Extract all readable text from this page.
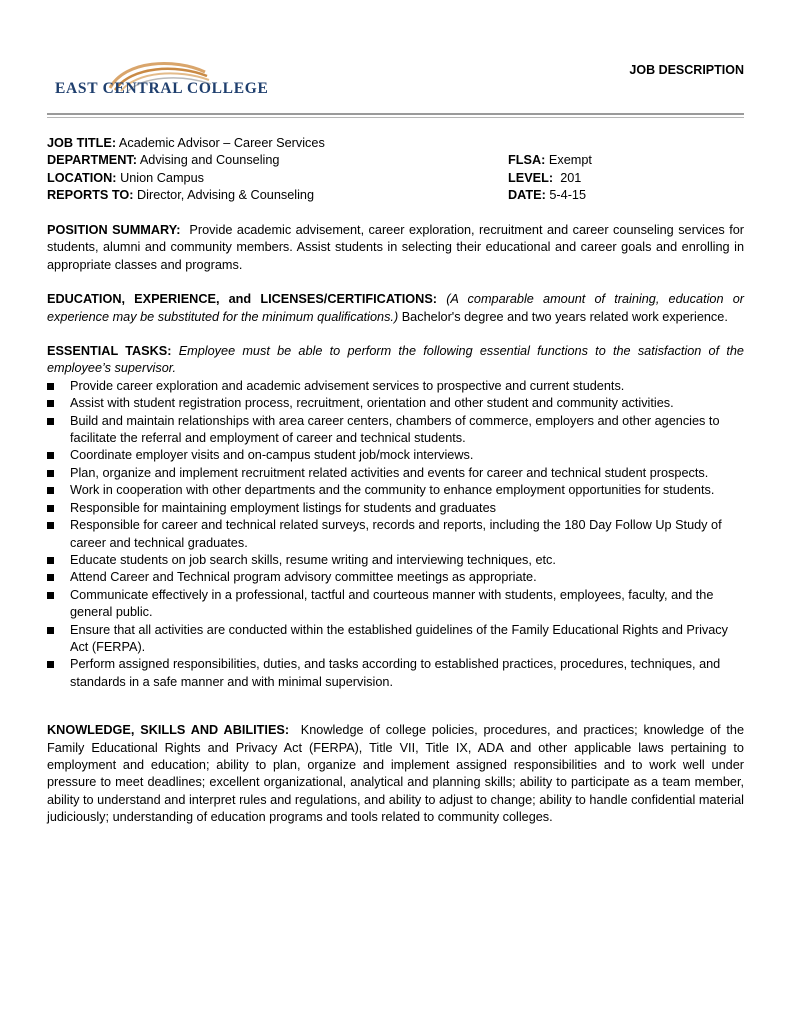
EAST CENTRAL COLLEGE
JOB DESCRIPTION
JOB TITLE: Academic Advisor – Career Services
DEPARTMENT: Advising and Counseling
LOCATION: Union Campus
REPORTS TO: Director, Advising & Counseling
FLSA: Exempt
LEVEL: 201
DATE: 5-4-15

POSITION SUMMARY: Provide academic advisement, career exploration, recruitment and career counseling services for students, alumni and community members. Assist students in selecting their educational and career goals and enrolling in appropriate classes and programs.

EDUCATION, EXPERIENCE, and LICENSES/CERTIFICATIONS: (A comparable amount of training, education or experience may be substituted for the minimum qualifications.) Bachelor's degree and two years related work experience.

ESSENTIAL TASKS: Employee must be able to perform the following essential functions to the satisfaction of the employee’s supervisor.

Provide career exploration and academic advisement services to prospective and current students.
Assist with student registration process, recruitment, orientation and other student and community activities.
Build and maintain relationships with area career centers, chambers of commerce, employers and other agencies to facilitate the referral and employment of career and technical students.
Coordinate employer visits and on-campus student job/mock interviews.
Plan, organize and implement recruitment related activities and events for career and technical student prospects.
Work in cooperation with other departments and the community to enhance employment opportunities for students.
Responsible for maintaining employment listings for students and graduates
Responsible for career and technical related surveys, records and reports, including the 180 Day Follow Up Study of career and technical graduates.
Educate students on job search skills, resume writing and interviewing techniques, etc.
Attend Career and Technical program advisory committee meetings as appropriate.
Communicate effectively in a professional, tactful and courteous manner with students, employees, faculty, and the general public.
Ensure that all activities are conducted within the established guidelines of the Family Educational Rights and Privacy Act (FERPA).
Perform assigned responsibilities, duties, and tasks according to established practices, procedures, techniques, and standards in a safe manner and with minimal supervision.

KNOWLEDGE, SKILLS AND ABILITIES: Knowledge of college policies, procedures, and practices; knowledge of the Family Educational Rights and Privacy Act (FERPA), Title VII, Title IX, ADA and other applicable laws pertaining to employment and education; ability to plan, organize and implement assigned responsibilities and to work well under pressure to meet deadlines; excellent organizational, analytical and planning skills; ability to participate as a team member, ability to understand and interpret rules and regulations, and ability to adjust to change; ability to handle confidential material judiciously; understanding of education programs and tools related to community colleges.
